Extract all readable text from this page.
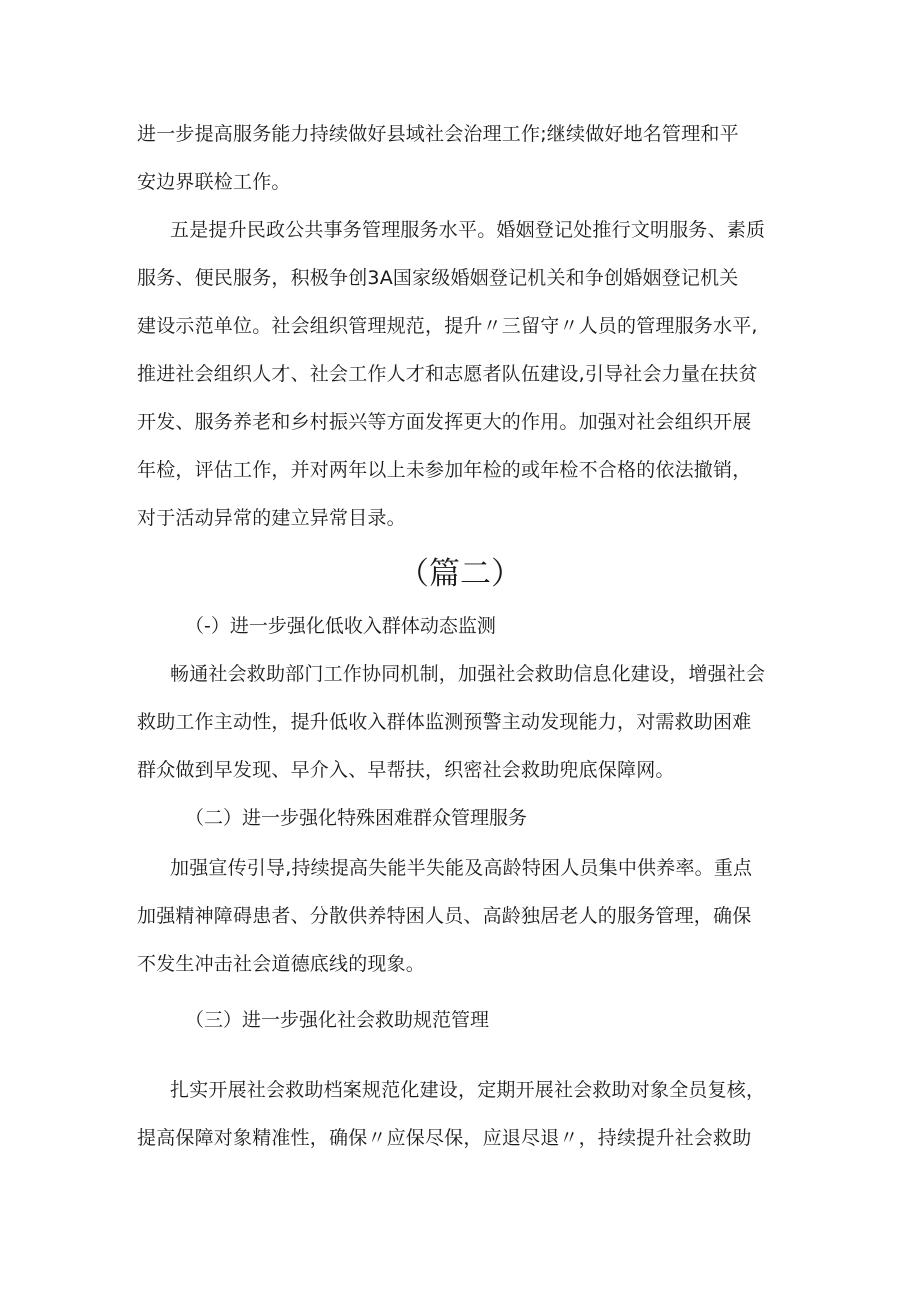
进一步提高服务能力持续做好县域社会治理工作;继续做好地名管理和平
安边界联检工作。
五是提升民政公共事务管理服务水平。婚姻登记处推行文明服务、素质
服务、便民服务，积极争创3A国家级婚姻登记机关和争创婚姻登记机关
建设示范单位。社会组织管理规范，提升〃三留守〃人员的管理服务水平,
推进社会组织人才、社会工作人才和志愿者队伍建设,引导社会力量在扶贫
开发、服务养老和乡村振兴等方面发挥更大的作用。加强对社会组织开展
年检，评估工作，并对两年以上未参加年检的或年检不合格的依法撤销，
对于活动异常的建立异常目录。
（篇二）
（-）进一步强化低收入群体动态监测
畅通社会救助部门工作协同机制，加强社会救助信息化建设，增强社会
救助工作主动性，提升低收入群体监测预警主动发现能力，对需救助困难
群众做到早发现、早介入、早帮扶，织密社会救助兜底保障网。
（二）进一步强化特殊困难群众管理服务
加强宣传引导,持续提高失能半失能及高龄特困人员集中供养率。重点
加强精神障碍患者、分散供养特困人员、高龄独居老人的服务管理，确保
不发生冲击社会道德底线的现象。
（三）进一步强化社会救助规范管理
扎实开展社会救助档案规范化建设，定期开展社会救助对象全员复核，
提高保障对象精准性，确保〃应保尽保，应退尽退〃，持续提升社会救助
